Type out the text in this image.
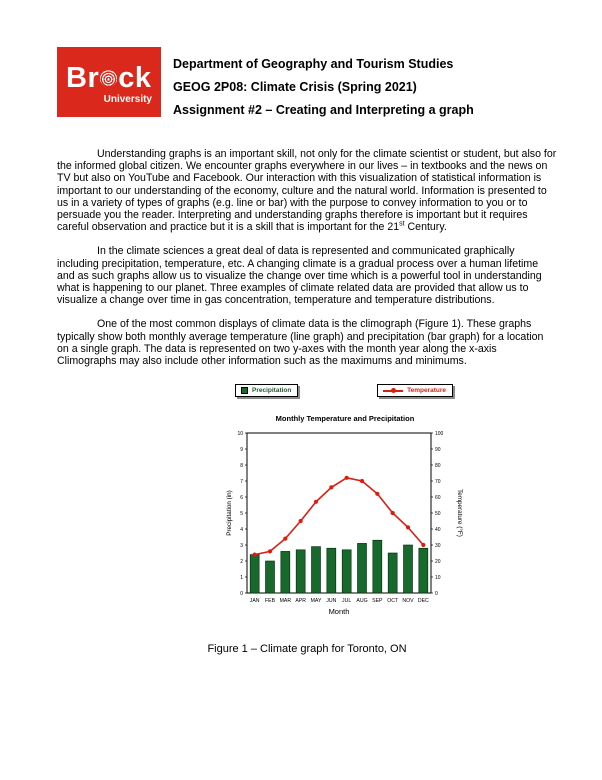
Br ck
University
Department of Geography and Tourism Studies
GEOG 2P08: Climate Crisis (Spring 2021)
Assignment #2 – Creating and Interpreting a graph

Understanding graphs is an important skill, not only for the climate scientist or student, but also for the informed global citizen. We encounter graphs everywhere in our lives – in textbooks and the news on TV but also on YouTube and Facebook. Our interaction with this visualization of statistical information is important to our understanding of the economy, culture and the natural world. Information is presented to us in a variety of types of graphs (e.g. line or bar) with the purpose to convey information to you or to persuade you the reader. Interpreting and understanding graphs therefore is important but it requires careful observation and practice but it is a skill that is important for the 21st Century.

In the climate sciences a great deal of data is represented and communicated graphically including precipitation, temperature, etc. A changing climate is a gradual process over a human lifetime and as such graphs allow us to visualize the change over time which is a powerful tool in understanding what is happening to our planet. Three examples of climate related data are provided that allow us to visualize a change over time in gas concentration, temperature and temperature distributions.

One of the most common displays of climate data is the climograph (Figure 1). These graphs typically show both monthly average temperature (line graph) and precipitation (bar graph) for a location on a single graph. The data is represented on two y-axes with the month year along the x-axis Climographs may also include other information such as the maximums and minimums.

Precipitation	Temperature
Monthly Temperature and Precipitation
0
1
2
3
4
5
6
7
8
9
10
Precipitation (in)
0
10
20
30
40
50
60
70
80
90
100
Temperature (°F)
JAN FEB MAR APR MAY JUN JUL AUG SEP OCT NOV DEC
Month
Figure 1 – Climate graph for Toronto, ON
